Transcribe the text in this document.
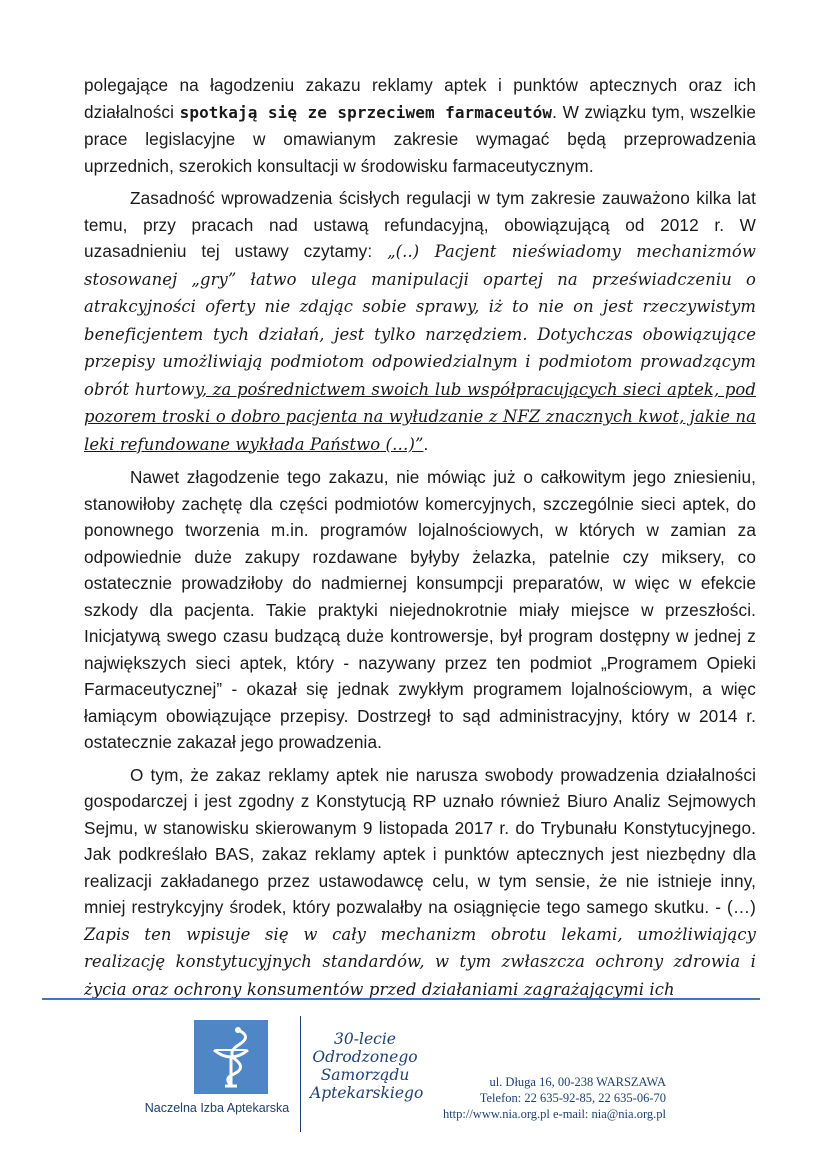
polegające na łagodzeniu zakazu reklamy aptek i punktów aptecznych oraz ich działalności spotkają się ze sprzeciwem farmaceutów. W związku tym, wszelkie prace legislacyjne w omawianym zakresie wymagać będą przeprowadzenia uprzednich, szerokich konsultacji w środowisku farmaceutycznym.

Zasadność wprowadzenia ścisłych regulacji w tym zakresie zauważono kilka lat temu, przy pracach nad ustawą refundacyjną, obowiązującą od 2012 r. W uzasadnieniu tej ustawy czytamy: „(..) Pacjent nieświadomy mechanizmów stosowanej „gry” łatwo ulega manipulacji opartej na przeświadczeniu o atrakcyjności oferty nie zdając sobie sprawy, iż to nie on jest rzeczywistym beneficjentem tych działań, jest tylko narzędziem. Dotychczas obowiązujące przepisy umożliwiają podmiotom odpowiedzialnym i podmiotom prowadzącym obrót hurtowy, za pośrednictwem swoich lub współpracujących sieci aptek, pod pozorem troski o dobro pacjenta na wyłudzanie z NFZ znacznych kwot, jakie na leki refundowane wykłada Państwo (…)”.

Nawet złagodzenie tego zakazu, nie mówiąc już o całkowitym jego zniesieniu, stanowiłoby zachętę dla części podmiotów komercyjnych, szczególnie sieci aptek, do ponownego tworzenia m.in. programów lojalnościowych, w których w zamian za odpowiednie duże zakupy rozdawane byłyby żelazka, patelnie czy miksery, co ostatecznie prowadziłoby do nadmiernej konsumpcji preparatów, w więc w efekcie szkody dla pacjenta. Takie praktyki niejednokrotnie miały miejsce w przeszłości. Inicjatywą swego czasu budzącą duże kontrowersje, był program dostępny w jednej z największych sieci aptek, który - nazywany przez ten podmiot „Programem Opieki Farmaceutycznej” - okazał się jednak zwykłym programem lojalnościowym, a więc łamiącym obowiązujące przepisy. Dostrzegł to sąd administracyjny, który w 2014 r. ostatecznie zakazał jego prowadzenia.

O tym, że zakaz reklamy aptek nie narusza swobody prowadzenia działalności gospodarczej i jest zgodny z Konstytucją RP uznało również Biuro Analiz Sejmowych Sejmu, w stanowisku skierowanym 9 listopada 2017 r. do Trybunału Konstytucyjnego. Jak podkreślało BAS, zakaz reklamy aptek i punktów aptecznych jest niezbędny dla realizacji zakładanego przez ustawodawcę celu, w tym sensie, że nie istnieje inny, mniej restrykcyjny środek, który pozwalałby na osiągnięcie tego samego skutku. - (…) Zapis ten wpisuje się w cały mechanizm obrotu lekami, umożliwiający realizację konstytucyjnych standardów, w tym zwłaszcza ochrony zdrowia i życia oraz ochrony konsumentów przed działaniami zagrażającymi ich

Naczelna Izba Aptekarska
30-lecie
Odrodzonego
Samorządu
Aptekarskiego
ul. Długa 16, 00-238 WARSZAWA
Telefon: 22 635-92-85, 22 635-06-70
http://www.nia.org.pl e-mail: nia@nia.org.pl
